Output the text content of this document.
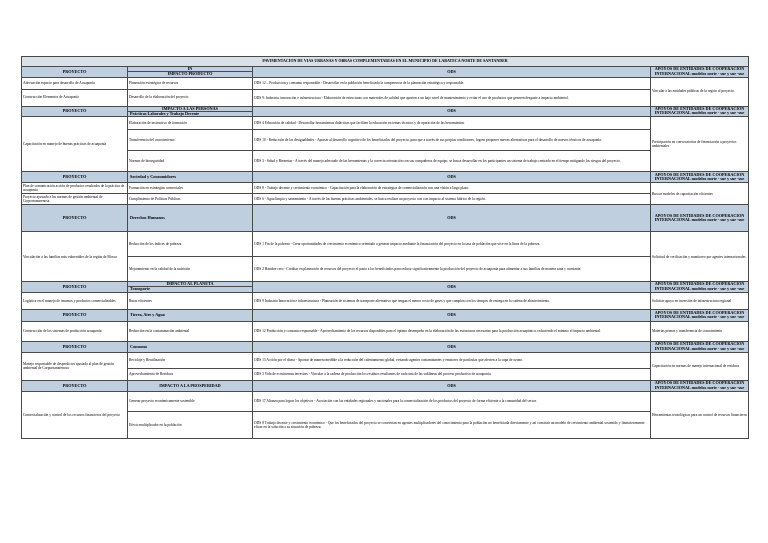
PAVIMENTACION DE VIAS URBANAS Y OBRAS COMPLEMENTARIAS EN EL MUNICIPIO DE LABATECA NORTE DE SANTANDER			
PROYECTO	IN	ODS	APOYOS DE ENTIDADES DE COOPERACION INTERNACIONAL modelos norte - sur y sur -sur
	IMPACTO PRODUCTO		
Adecuación espacio para desarrollo de Acuaponía	Planeación estratégica de recursos	ODS 12 – Producción y consumo responsable - Desarrollar en la población beneficiada la competencia de la planeación estratégica y responsable.	Vincular a las entidades públicas de la región al proyecto.
Construcción Elementos de Acuaponía	Desarrollo de la elaboración del proyecto	ODS 9: Industria, innovación e infraestructura - Elaboración de estructuras con materiales de calidad que aporten a un bajo nivel de mantenimiento y evitar el uso de productos que generen desgaste a impacto ambiental.	
PROYECTO	IMPACTO A LAS PERSONAS	ODS	APOYOS DE ENTIDADES DE COOPERACION INTERNACIONAL modelos norte - sur y sur -sur
	Prácticas Laborales y Trabajo Decente		
Capacitación en manejo de buenas prácticas de acuaponía	Elaboración de instructivo de formación	ODS 4 Educación de calidad - Desarrollar herramientas didácticas que faciliten la educación en temas técnicos y de operación de las herramientas.	Participación en convocatorias de financiación a proyectos ambientales
	Transferencia del conocimiento	ODS 10 - Reducción de las desigualdades - Aportar al desarrollo cognitivo de los beneficiados del proyecto, para que a través de sus propias condiciones, logren proponer nuevas alternativas para el desarrollo de nuevos técnicos de acuaponía.	
	Normas de bioseguridad	ODS 3 - Salud y Bienestar - A través del manejo adecuado de las herramientas y la correcta orientación con sus compañeros de equipo, se busca desarrollar en los participantes un sistema de trabajo centrado en el tiempo mitigando los riesgos del proyecto.	
PROYECTO	Sociedad y Consumidores	ODS	APOYOS DE ENTIDADES DE COOPERACION INTERNACIONAL modelos norte - sur y sur -sur
Plan de comunicación acción de productos resultados de la práctica de acuaponía	Formación en estrategias comerciales	ODS 8 - Trabajo decente y crecimiento económico - Capacitación para la elaboración de estrategias de comercialización con una visión a largo plazo.	Buscar modelos de capacitación eficientes
Proyecto ajustado a las normas de gestión ambiental de Corpornanarenosa	Cumplimiento de Políticas Públicas	ODS 6 - Agua limpia y saneamiento - A través de las buenas prácticas ambientales, se busca realizar un proyecto con con impacto al sistema hídrico de la región.	
PROYECTO	Derechos Humanos	ODS	APOYOS DE ENTIDADES DE COOPERACION INTERNACIONAL modelos norte - sur y sur -sur
Vinculación a las familias más vulnerables de la región de Mosco	Reducción de los índices de pobreza	ODS 1 Fin de la pobreza - Crear oportunidades de crecimiento económico orientado a generar impacto mediante la financiación del proyecto en la tasa de población que vive en la línea de la pobreza.	Solicitud de verificación y monitoreo por agentes internacionales
	Mejoramiento en la calidad de la nutrición	ODS 2 Hambre cero - Creditar en planeación de recursos del proyecto el pasto a los beneficiados para reducir significativamente la producción del proyecto de acuaponía para alimentar a sus familias de manera sana y constante.	
PROYECTO	IMPACTO AL PLANETA	ODS	APOYOS DE ENTIDADES DE COOPERACION INTERNACIONAL modelos norte - sur y sur -sur
	Transporte		
Logística en el manejo de insumos y productos comercializables	Rutas eficientes	ODS 9 Industria Innovación e infraestructura - Planeación de sistemas de transporte alternativo que tengan el menor costo de gases y que cumplan con los tiempos de entrega en la cadena de abastecimiento.	Solicitar apoyo en inversión de infraestructura regional
PROYECTO	Tierra, Aire y Agua	ODS	APOYOS DE ENTIDADES DE COOPERACION INTERNACIONAL modelos norte - sur y sur -sur
Construcción de los sistemas de producción acuaponía	Reducción en la contaminación ambiental	ODS 12 Producción y consumo responsable - Aprovechamiento de los recursos disponibles para el óptimo desempeño en la elaboración de las estructuras necesarias para la producción acuapónica, reduciendo el mínimo el impacto ambiental.	Materias primas y transferencia de conocimiento
PROYECTO	Consumo	ODS	APOYOS DE ENTIDADES DE COOPERACION INTERNACIONAL modelos norte - sur y sur -sur
Manejo responsable de desperdicios ajustado al plan de gestión ambiental de Corpornanarenosa	Reciclaje y Reutilización	ODS 13 Acción por el clima - Aportar de manera medible a la reducción del calentamiento global, evitando agentes contaminantes y emisores de partículas que afecten a la capa de ozono.	Capacitación en normas de manejo internacional de residuos
	Aprovechamiento de Residuos	ODS 3 Vida de ecosistemas terrestres - Vincular a la cadena de producción los residuos resultantes de cada una de las sublíneas del proceso productivo de acuaponía.	
PROYECTO	IMPACTO A LA PROSPERIDAD	ODS	APOYOS DE ENTIDADES DE COOPERACION INTERNACIONAL modelos norte - sur y sur -sur
Comercialización y control de los recursos financieros del proyecto	Generar proyecto económicamente sostenible	ODS 17 Alianza para lograr los objetivos - Asociación con las entidades regionales y nacionales para la comercialización de los productos del proyecto de forma eficiente a la comunidad del sector.	Herramientas tecnológicas para un control de recursos financieros
	Efecto multiplicador en la población	ODS 8 Trabajo decente y crecimiento económico - Que los beneficiados del proyecto se conviertan en agentes multiplicadores del conocimiento para la población no beneficiada directamente y así construir un modelo de crecimiento ambiental sostenido y financieramente eficaz en la solución a su situación de pobreza.	
